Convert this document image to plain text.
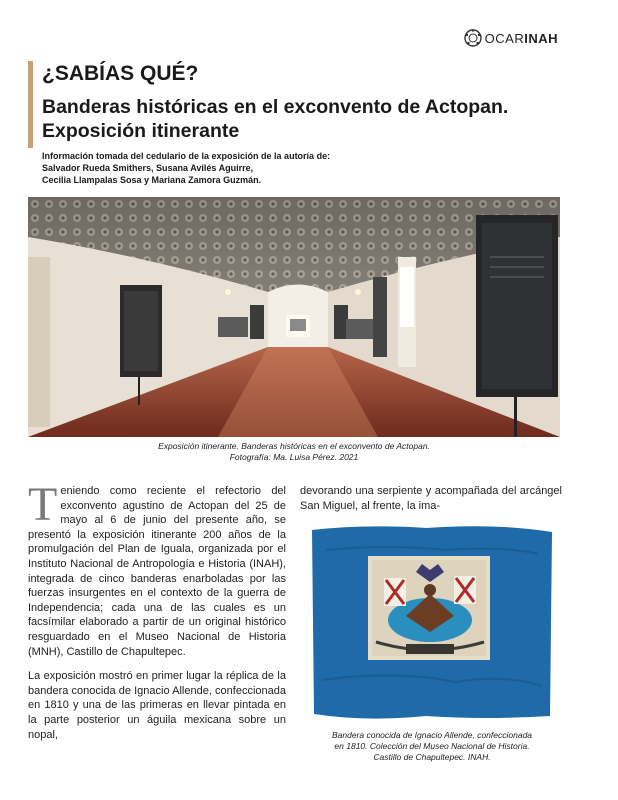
OCARINAH
¿SABÍAS QUÉ?
Banderas históricas en el exconvento de Actopan.
Exposición itinerante
Información tomada del cedulario de la exposición de la autoría de:
Salvador Rueda Smithers, Susana Avilés Aguirre,
Cecilia Llampalas Sosa y Mariana Zamora Guzmán.
Exposición itinerante. Banderas históricas en el exconvento de Actopan.
Fotografía: Ma. Luisa Pérez. 2021

Teniendo como reciente el refectorio del exconvento agustino de Actopan del 25 de mayo al 6 de junio del presente año, se presentó la exposición itinerante 200 años de la promulgación del Plan de Iguala, organizada por el Instituto Nacional de Antropología e Historia (INAH), integrada de cinco banderas enarboladas por las fuerzas insurgentes en el contexto de la guerra de Independencia; cada una de las cuales es un facsímilar elaborado a partir de un original histórico resguardado en el Museo Nacional de Historia (MNH), Castillo de Chapultepec.

La exposición mostró en primer lugar la réplica de la bandera conocida de Ignacio Allende, confeccionada en 1810 y una de las primeras en llevar pintada en la parte posterior un águila mexicana sobre un nopal,

devorando una serpiente y acompañada del arcángel San Miguel, al frente, la ima-
Bandera conocida de Ignacio Allende, confeccionada
en 1810. Colección del Museo Nacional de Historia.
Castillo de Chapultepec. INAH.
